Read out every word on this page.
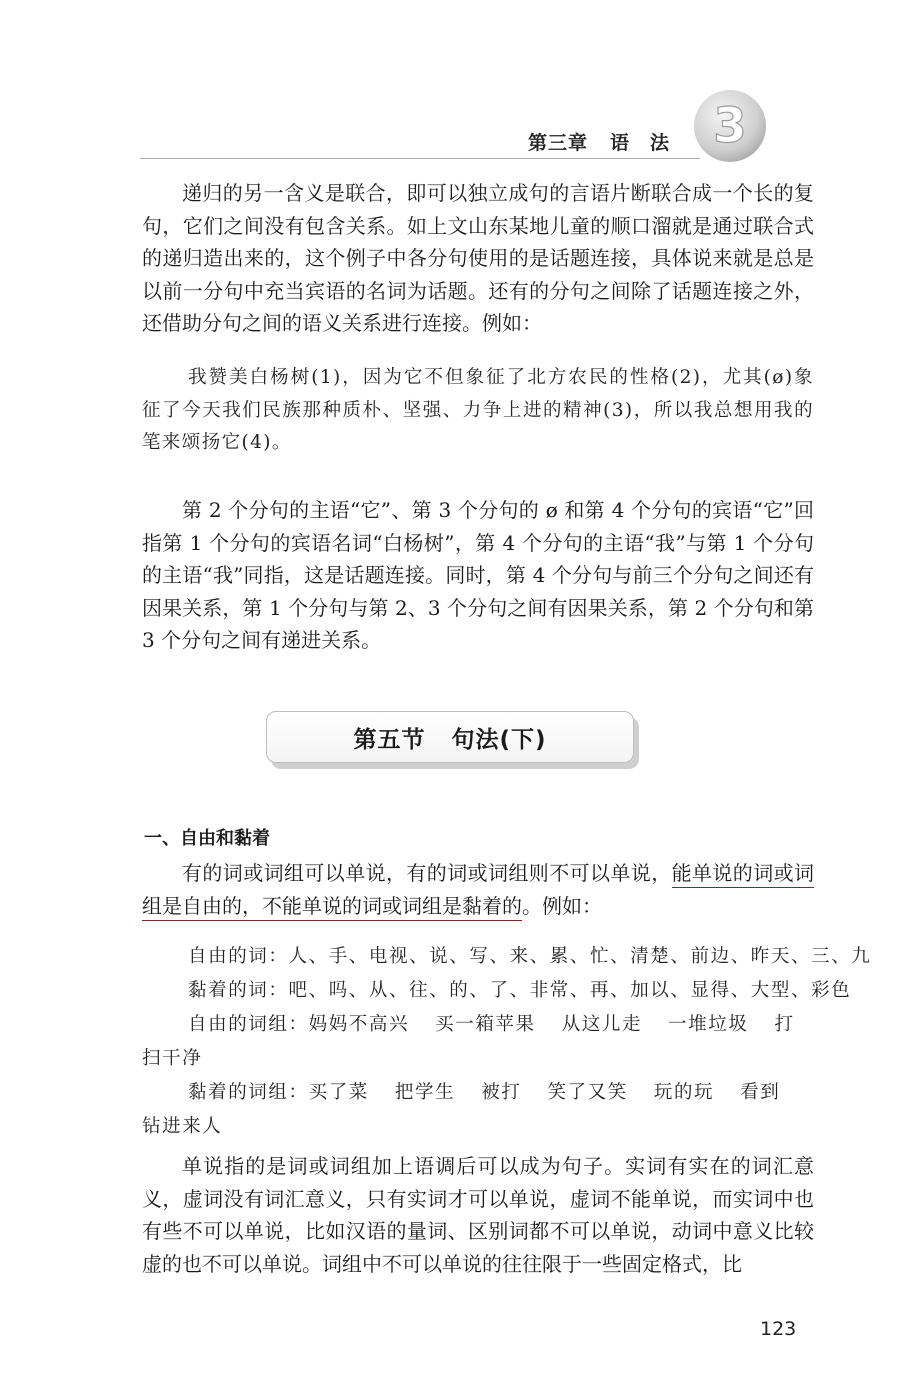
第三章 语　法 3

递归的另一含义是联合，即可以独立成句的言语片断联合成一个长的复句，它们之间没有包含关系。如上文山东某地儿童的顺口溜就是通过联合式的递归造出来的，这个例子中各分句使用的是话题连接，具体说来就是总是以前一分句中充当宾语的名词为话题。还有的分句之间除了话题连接之外，还借助分句之间的语义关系进行连接。例如：

我赞美白杨树(1)，因为它不但象征了北方农民的性格(2)，尤其(ø)象征了今天我们民族那种质朴、坚强、力争上进的精神(3)，所以我总想用我的笔来颂扬它(4)。

第 2 个分句的主语“它”、第 3 个分句的 ø 和第 4 个分句的宾语“它”回指第 1 个分句的宾语名词“白杨树”，第 4 个分句的主语“我”与第 1 个分句的主语“我”同指，这是话题连接。同时，第 4 个分句与前三个分句之间还有因果关系，第 1 个分句与第 2、3 个分句之间有因果关系，第 2 个分句和第 3 个分句之间有递进关系。

第五节 句法(下)
一、自由和黏着

有的词或词组可以单说，有的词或词组则不可以单说，能单说的词或词组是自由的，不能单说的词或词组是黏着的。例如：

自由的词：人、手、电视、说、写、来、累、忙、清楚、前边、昨天、三、九
黏着的词：吧、吗、从、往、的、了、非常、再、加以、显得、大型、彩色
自由的词组：妈妈不高兴 买一箱苹果 从这儿走 一堆垃圾 打扫干净
黏着的词组：买了菜 把学生 被打 笑了又笑 玩的玩 看到钻进来人

单说指的是词或词组加上语调后可以成为句子。实词有实在的词汇意义，虚词没有词汇意义，只有实词才可以单说，虚词不能单说，而实词中也有些不可以单说，比如汉语的量词、区别词都不可以单说，动词中意义比较虚的也不可以单说。词组中不可以单说的往往限于一些固定格式，比

123
